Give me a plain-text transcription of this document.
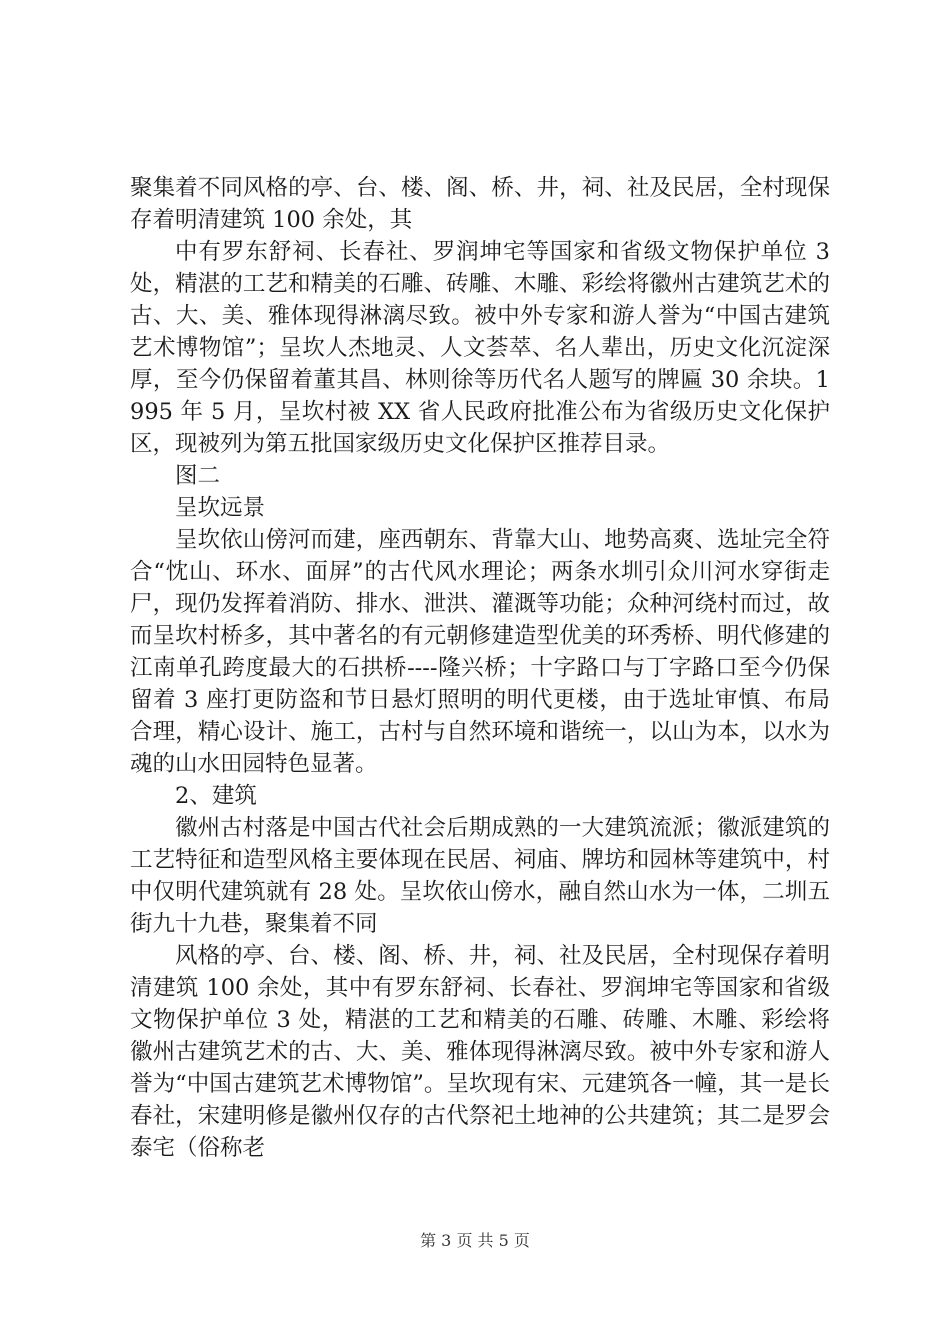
聚集着不同风格的亭、台、楼、阁、桥、井，祠、社及民居，全村现保存着明清建筑 100 余处，其

中有罗东舒祠、长春社、罗润坤宅等国家和省级文物保护单位 3 处，精湛的工艺和精美的石雕、砖雕、木雕、彩绘将徽州古建筑艺术的古、大、美、雅体现得淋漓尽致。被中外专家和游人誉为“中国古建筑艺术博物馆”；呈坎人杰地灵、人文荟萃、名人辈出，历史文化沉淀深厚，至今仍保留着董其昌、林则徐等历代名人题写的牌匾 30 余块。1995 年 5 月，呈坎村被 XX 省人民政府批准公布为省级历史文化保护区，现被列为第五批国家级历史文化保护区推荐目录。

图二

呈坎远景

呈坎依山傍河而建，座西朝东、背靠大山、地势高爽、选址完全符合“忱山、环水、面屏”的古代风水理论；两条水圳引众川河水穿街走尸，现仍发挥着消防、排水、泄洪、灌溉等功能；众种河绕村而过，故而呈坎村桥多，其中著名的有元朝修建造型优美的环秀桥、明代修建的江南单孔跨度最大的石拱桥----隆兴桥；十字路口与丁字路口至今仍保留着 3 座打更防盗和节日悬灯照明的明代更楼，由于选址审慎、布局合理，精心设计、施工，古村与自然环境和谐统一，以山为本，以水为魂的山水田园特色显著。

2、建筑

徽州古村落是中国古代社会后期成熟的一大建筑流派；徽派建筑的工艺特征和造型风格主要体现在民居、祠庙、牌坊和园林等建筑中，村中仅明代建筑就有 28 处。呈坎依山傍水，融自然山水为一体，二圳五街九十九巷，聚集着不同

风格的亭、台、楼、阁、桥、井，祠、社及民居，全村现保存着明清建筑 100 余处，其中有罗东舒祠、长春社、罗润坤宅等国家和省级文物保护单位 3 处，精湛的工艺和精美的石雕、砖雕、木雕、彩绘将徽州古建筑艺术的古、大、美、雅体现得淋漓尽致。被中外专家和游人誉为“中国古建筑艺术博物馆”。呈坎现有宋、元建筑各一幢，其一是长春社，宋建明修是徽州仅存的古代祭祀土地神的公共建筑；其二是罗会泰宅（俗称老

第 3 页 共 5 页
